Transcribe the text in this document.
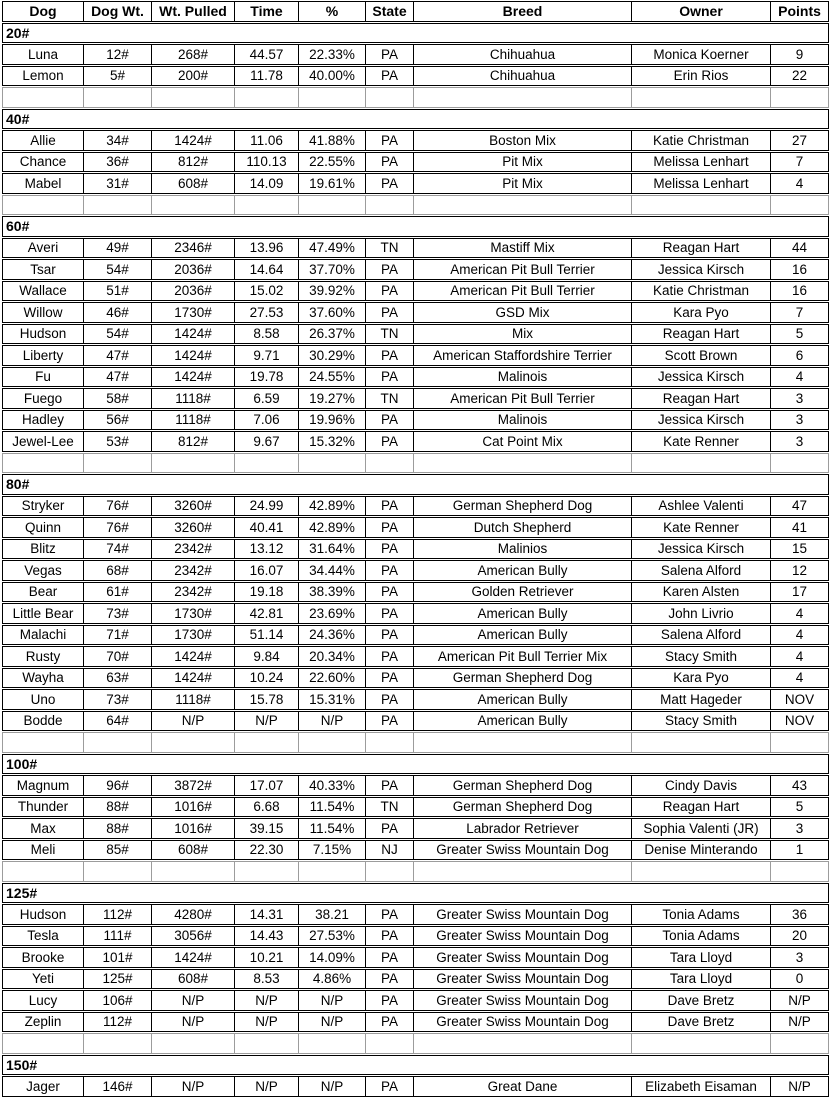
Dog	Dog Wt.	Wt. Pulled	Time	%	State	Breed	Owner	Points
20#
Luna	12#	268#	44.57	22.33%	PA	Chihuahua	Monica Koerner	9
Lemon	5#	200#	11.78	40.00%	PA	Chihuahua	Erin Rios	22
40#
Allie	34#	1424#	11.06	41.88%	PA	Boston Mix	Katie Christman	27
Chance	36#	812#	110.13	22.55%	PA	Pit Mix	Melissa Lenhart	7
Mabel	31#	608#	14.09	19.61%	PA	Pit Mix	Melissa Lenhart	4
60#
Averi	49#	2346#	13.96	47.49%	TN	Mastiff Mix	Reagan Hart	44
Tsar	54#	2036#	14.64	37.70%	PA	American Pit Bull Terrier	Jessica Kirsch	16
Wallace	51#	2036#	15.02	39.92%	PA	American Pit Bull Terrier	Katie Christman	16
Willow	46#	1730#	27.53	37.60%	PA	GSD Mix	Kara Pyo	7
Hudson	54#	1424#	8.58	26.37%	TN	Mix	Reagan Hart	5
Liberty	47#	1424#	9.71	30.29%	PA	American Staffordshire Terrier	Scott Brown	6
Fu	47#	1424#	19.78	24.55%	PA	Malinois	Jessica Kirsch	4
Fuego	58#	1118#	6.59	19.27%	TN	American Pit Bull Terrier	Reagan Hart	3
Hadley	56#	1118#	7.06	19.96%	PA	Malinois	Jessica Kirsch	3
Jewel-Lee	53#	812#	9.67	15.32%	PA	Cat Point Mix	Kate Renner	3
80#
Stryker	76#	3260#	24.99	42.89%	PA	German Shepherd Dog	Ashlee Valenti	47
Quinn	76#	3260#	40.41	42.89%	PA	Dutch Shepherd	Kate Renner	41
Blitz	74#	2342#	13.12	31.64%	PA	Malinios	Jessica Kirsch	15
Vegas	68#	2342#	16.07	34.44%	PA	American Bully	Salena Alford	12
Bear	61#	2342#	19.18	38.39%	PA	Golden Retriever	Karen Alsten	17
Little Bear	73#	1730#	42.81	23.69%	PA	American Bully	John Livrio	4
Malachi	71#	1730#	51.14	24.36%	PA	American Bully	Salena Alford	4
Rusty	70#	1424#	9.84	20.34%	PA	American Pit Bull Terrier Mix	Stacy Smith	4
Wayha	63#	1424#	10.24	22.60%	PA	German Shepherd Dog	Kara Pyo	4
Uno	73#	1118#	15.78	15.31%	PA	American Bully	Matt Hageder	NOV
Bodde	64#	N/P	N/P	N/P	PA	American Bully	Stacy Smith	NOV
100#
Magnum	96#	3872#	17.07	40.33%	PA	German Shepherd Dog	Cindy Davis	43
Thunder	88#	1016#	6.68	11.54%	TN	German Shepherd Dog	Reagan Hart	5
Max	88#	1016#	39.15	11.54%	PA	Labrador Retriever	Sophia Valenti (JR)	3
Meli	85#	608#	22.30	7.15%	NJ	Greater Swiss Mountain Dog	Denise Minterando	1
125#
Hudson	112#	4280#	14.31	38.21	PA	Greater Swiss Mountain Dog	Tonia Adams	36
Tesla	111#	3056#	14.43	27.53%	PA	Greater Swiss Mountain Dog	Tonia Adams	20
Brooke	101#	1424#	10.21	14.09%	PA	Greater Swiss Mountain Dog	Tara Lloyd	3
Yeti	125#	608#	8.53	4.86%	PA	Greater Swiss Mountain Dog	Tara Lloyd	0
Lucy	106#	N/P	N/P	N/P	PA	Greater Swiss Mountain Dog	Dave Bretz	N/P
Zeplin	112#	N/P	N/P	N/P	PA	Greater Swiss Mountain Dog	Dave Bretz	N/P
150#
Jager	146#	N/P	N/P	N/P	PA	Great Dane	Elizabeth Eisaman	N/P
